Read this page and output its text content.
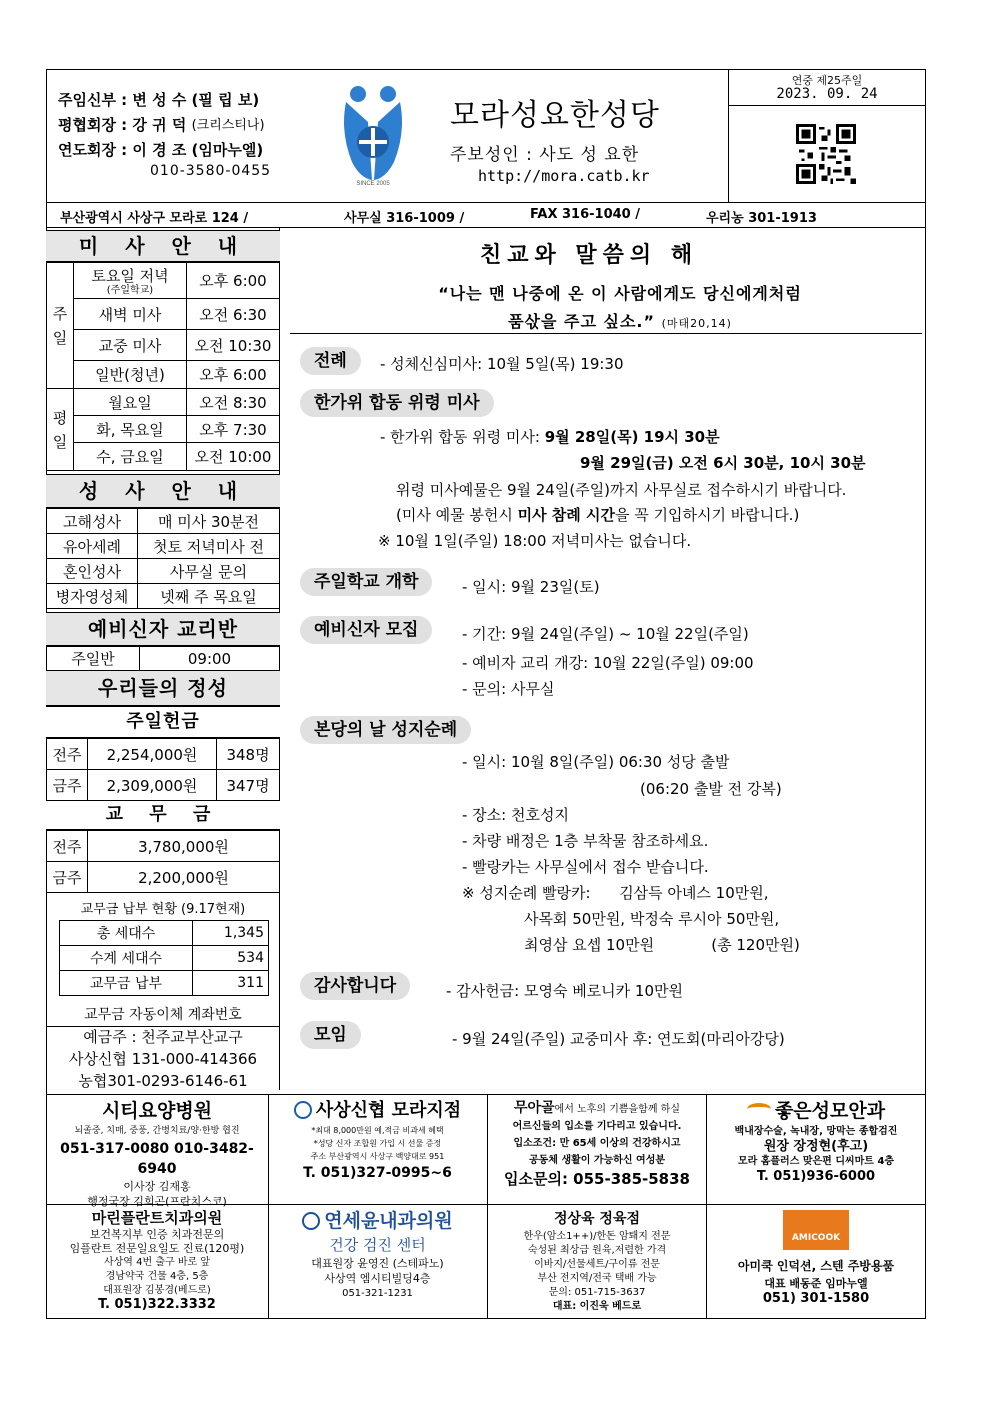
주임신부 :
변 성 수 (필 립 보)
평협회장 :
강 귀 덕
(크리스티나)
연도회장 :
이 경 조 (임마누엘)
010-3580-0455
SINCE 2005
모라성요한성당
주보성인 : 사도 성 요한
http://mora.catb.kr
연중 제25주일
2023. 09. 24
부산광역시 사상구 모라로 124 /	사무실 316-1009 /	FAX 316-1040 /	우리농 301-1913
미 사 안 내
주일	토요일 저녁
(주일학교)	오후 6:00
	새벽 미사	오전 6:30
	교중 미사	오전 10:30
	일반(청년)	오후 6:00
평일	월요일	오전 8:30
	화, 목요일	오후 7:30
	수, 금요일	오전 10:00
성 사 안 내
고해성사	매 미사 30분전
유아세례	첫토 저녁미사 전
혼인성사	사무실 문의
병자영성체	넷째 주 목요일
예비신자 교리반
주일반	09:00
우리들의 정성
주일헌금
전주	2,254,000원	348명
금주	2,309,000원	347명
교 무 금
전주	3,780,000원
금주	2,200,000원
교무금 납부 현황 (9.17현재)
총 세대수	1,345
수계 세대수	534
교무금 납부	311
교무금 자동이체 계좌번호
예금주 : 천주교부산교구
사상신협 131-000-414366
농협301-0293-6146-61
친교와 말씀의 해
“나는 맨 나중에 온 이 사람에게도 당신에게처럼
품삯을 주고 싶소.” (마태20,14)
전례	- 성체신심미사: 10월 5일(목) 19:30
한가위 합동 위령 미사
- 한가위 합동 위령 미사: 9월 28일(목) 19시 30분
9월 29일(금) 오전 6시 30분, 10시 30분
위령 미사예물은 9월 24일(주일)까지 사무실로 접수하시기 바랍니다.
(미사 예물 봉헌시 미사 참례 시간을 꼭 기입하시기 바랍니다.)
※ 10월 1일(주일) 18:00 저녁미사는 없습니다.
주일학교 개학	- 일시: 9월 23일(토)
예비신자 모집	- 기간: 9월 24일(주일) ~ 10월 22일(주일)
- 예비자 교리 개강: 10월 22일(주일) 09:00
- 문의: 사무실
본당의 날 성지순례
- 일시: 10월 8일(주일) 06:30 성당 출발
(06:20 출발 전 강복)
- 장소: 천호성지
- 차량 배정은 1층 부착물 참조하세요.
- 빨랑카는 사무실에서 접수 받습니다.
※ 성지순례 빨랑카:      김삼득 아녜스 10만원,
사목회 50만원, 박정숙 루시아 50만원,
최영삼 요셉 10만원            (총 120만원)
감사합니다	- 감사헌금: 모영숙 베로니카 10만원
모임	- 9월 24일(주일) 교중미사 후: 연도회(마리아강당)
시티요양병원
뇌졸중, 치매, 중풍, 간병치료/양·한방 협진
051-317-0080 010-3482-6940
이사장 김재홍
행정국장 김희곤(프란치스코)
사상신협 모라지점
*최대 8,000만원 예,적금 비과세 혜택
*성당 신자 조합원 가입 시 선물 증정
주소 부산광역시 사상구 백양대로 951
T. 051)327-0995~6
무아골에서 노후의 기쁨을함께 하실
어르신들의 입소를 기다리고 있습니다.
입소조건: 만 65세 이상의 건강하시고
공동체 생활이 가능하신 여성분
입소문의: 055-385-5838
좋은성모안과
백내장수술, 녹내장, 망막는 종합검진
원장 장정현(후고)
모라 홈플러스 맞은편 디씨마트 4층
T. 051)936-6000
마린플란트치과의원
보건복지부 인증 치과전문의
임플란트 전문일요일도 진료(120평)
사상역 4번 출구 바로 앞
경남약국 건물 4층, 5층
대표원장 김봉경(베드로)
T. 051)322.3332
연세윤내과의원
건강 검진 센터
대표원장 윤영진 (스테파노)
사상역 엠시티빌딩4층
051-321-1231
정상육 정육점
한우(암소1++)/한돈 암퇘지 전문
숙성된 최상급 원육,저렴한 가격
이바지/선물세트/구이류 전문
부산 전지역/전국 택배 가능
문의: 051-715-3637
대표: 이진욱 베드로
AMICOOK
아미쿡 인덕션, 스텐 주방용품
대표 배동준 임마누엘
051) 301-1580
